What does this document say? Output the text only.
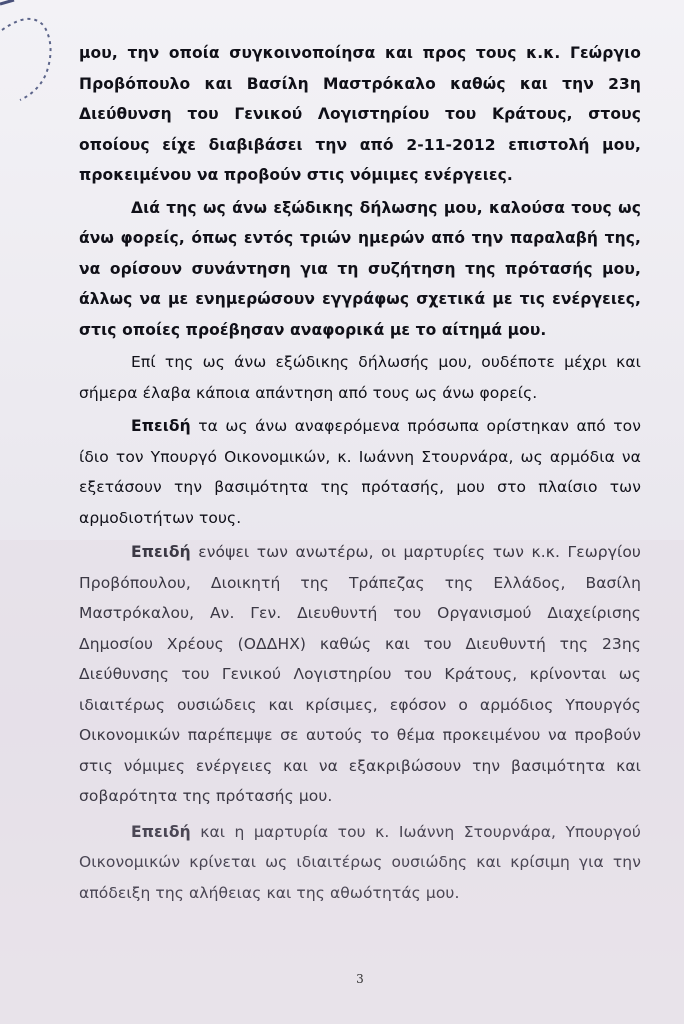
μου, την οποία συγκοινοποίησα και προς τους κ.κ. Γεώργιο Προβόπουλο και Βασίλη Μαστρόκαλο καθώς και την 23η Διεύθυνση του Γενικού Λογιστηρίου του Κράτους, στους οποίους είχε διαβιβάσει την από 2-11-2012 επιστολή μου, προκειμένου να προβούν στις νόμιμες ενέργειες.

Διά της ως άνω εξώδικης δήλωσης μου, καλούσα τους ως άνω φορείς, όπως εντός τριών ημερών από την παραλαβή της, να ορίσουν συνάντηση για τη συζήτηση της πρότασής μου, άλλως να με ενημερώσουν εγγράφως σχετικά με τις ενέργειες, στις οποίες προέβησαν αναφορικά με το αίτημά μου.

Επί της ως άνω εξώδικης δήλωσής μου, ουδέποτε μέχρι και σήμερα έλαβα κάποια απάντηση από τους ως άνω φορείς.

Επειδή τα ως άνω αναφερόμενα πρόσωπα ορίστηκαν από τον ίδιο τον Υπουργό Οικονομικών, κ. Ιωάννη Στουρνάρα, ως αρμόδια να εξετάσουν την βασιμότητα της πρότασής, μου στο πλαίσιο των αρμοδιοτήτων τους.

Επειδή ενόψει των ανωτέρω, οι μαρτυρίες των κ.κ. Γεωργίου Προβόπουλου, Διοικητή της Τράπεζας της Ελλάδος, Βασίλη Μαστρόκαλου, Αν. Γεν. Διευθυντή του Οργανισμού Διαχείρισης Δημοσίου Χρέους (ΟΔΔΗΧ) καθώς και του Διευθυντή της 23ης Διεύθυνσης του Γενικού Λογιστηρίου του Κράτους, κρίνονται ως ιδιαιτέρως ουσιώδεις και κρίσιμες, εφόσον ο αρμόδιος Υπουργός Οικονομικών παρέπεμψε σε αυτούς το θέμα προκειμένου να προβούν στις νόμιμες ενέργειες και να εξακριβώσουν την βασιμότητα και σοβαρότητα της πρότασής μου.

Επειδή και η μαρτυρία του κ. Ιωάννη Στουρνάρα, Υπουργού Οικονομικών κρίνεται ως ιδιαιτέρως ουσιώδης και κρίσιμη για την απόδειξη της αλήθειας και της αθωότητάς μου.

3
